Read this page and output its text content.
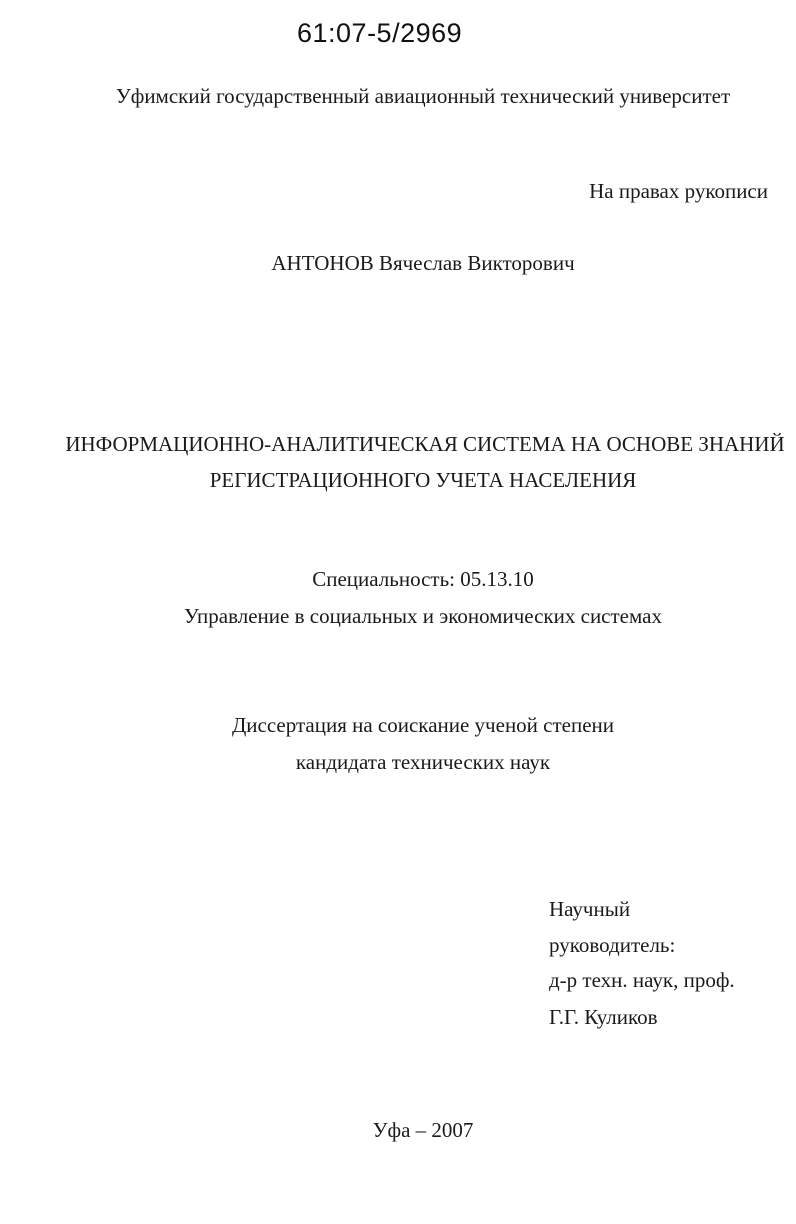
61:07-5/2969
Уфимский государственный авиационный технический университет
На правах рукописи
АНТОНОВ Вячеслав Викторович
ИНФОРМАЦИОННО-АНАЛИТИЧЕСКАЯ СИСТЕМА НА ОСНОВЕ ЗНАНИЙ
РЕГИСТРАЦИОННОГО УЧЕТА НАСЕЛЕНИЯ
Специальность: 05.13.10
Управление в социальных и экономических системах
Диссертация на соискание ученой степени
кандидата технических наук
Научный
руководитель:
д-р техн. наук, проф.
Г.Г. Куликов
Уфа – 2007
